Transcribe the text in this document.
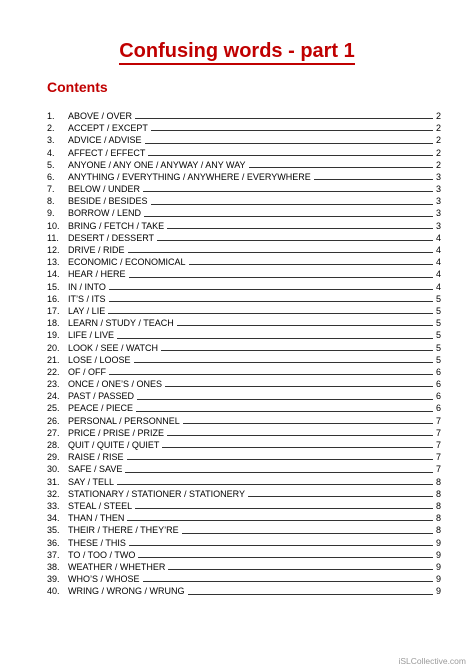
Confusing words - part 1
Contents
1.	ABOVE / OVER	2
2.	ACCEPT / EXCEPT	2
3.	ADVICE / ADVISE	2
4.	AFFECT / EFFECT	2
5.	ANYONE / ANY ONE / ANYWAY / ANY WAY	2
6.	ANYTHING / EVERYTHING / ANYWHERE / EVERYWHERE	3
7.	BELOW / UNDER	3
8.	BESIDE / BESIDES	3
9.	BORROW / LEND	3
10. BRING / FETCH / TAKE	3
11.	DESERT / DESSERT	4
12. DRIVE / RIDE	4
13. ECONOMIC / ECONOMICAL	4
14. HEAR / HERE	4
15. IN / INTO	4
16. IT’S / ITS	5
17. LAY / LIE	5
18. LEARN / STUDY / TEACH	5
19. LIFE / LIVE	5
20. LOOK / SEE / WATCH	5
21. LOSE / LOOSE	5
22. OF / OFF	6
23. ONCE / ONE’S / ONES	6
24. PAST / PASSED	6
25. PEACE / PIECE	6
26. PERSONAL / PERSONNEL	7
27. PRICE / PRISE / PRIZE	7
28. QUIT / QUITE / QUIET	7
29. RAISE / RISE	7
30. SAFE / SAVE	7
31. SAY / TELL	8
32. STATIONARY / STATIONER / STATIONERY	8
33. STEAL / STEEL	8
34. THAN / THEN	8
35. THEIR / THERE / THEY’RE	8
36. THESE / THIS	9
37. TO / TOO / TWO	9
38. WEATHER / WHETHER	9
39. WHO’S / WHOSE	9
40. WRING / WRONG / WRUNG	9
iSLCollective.com
